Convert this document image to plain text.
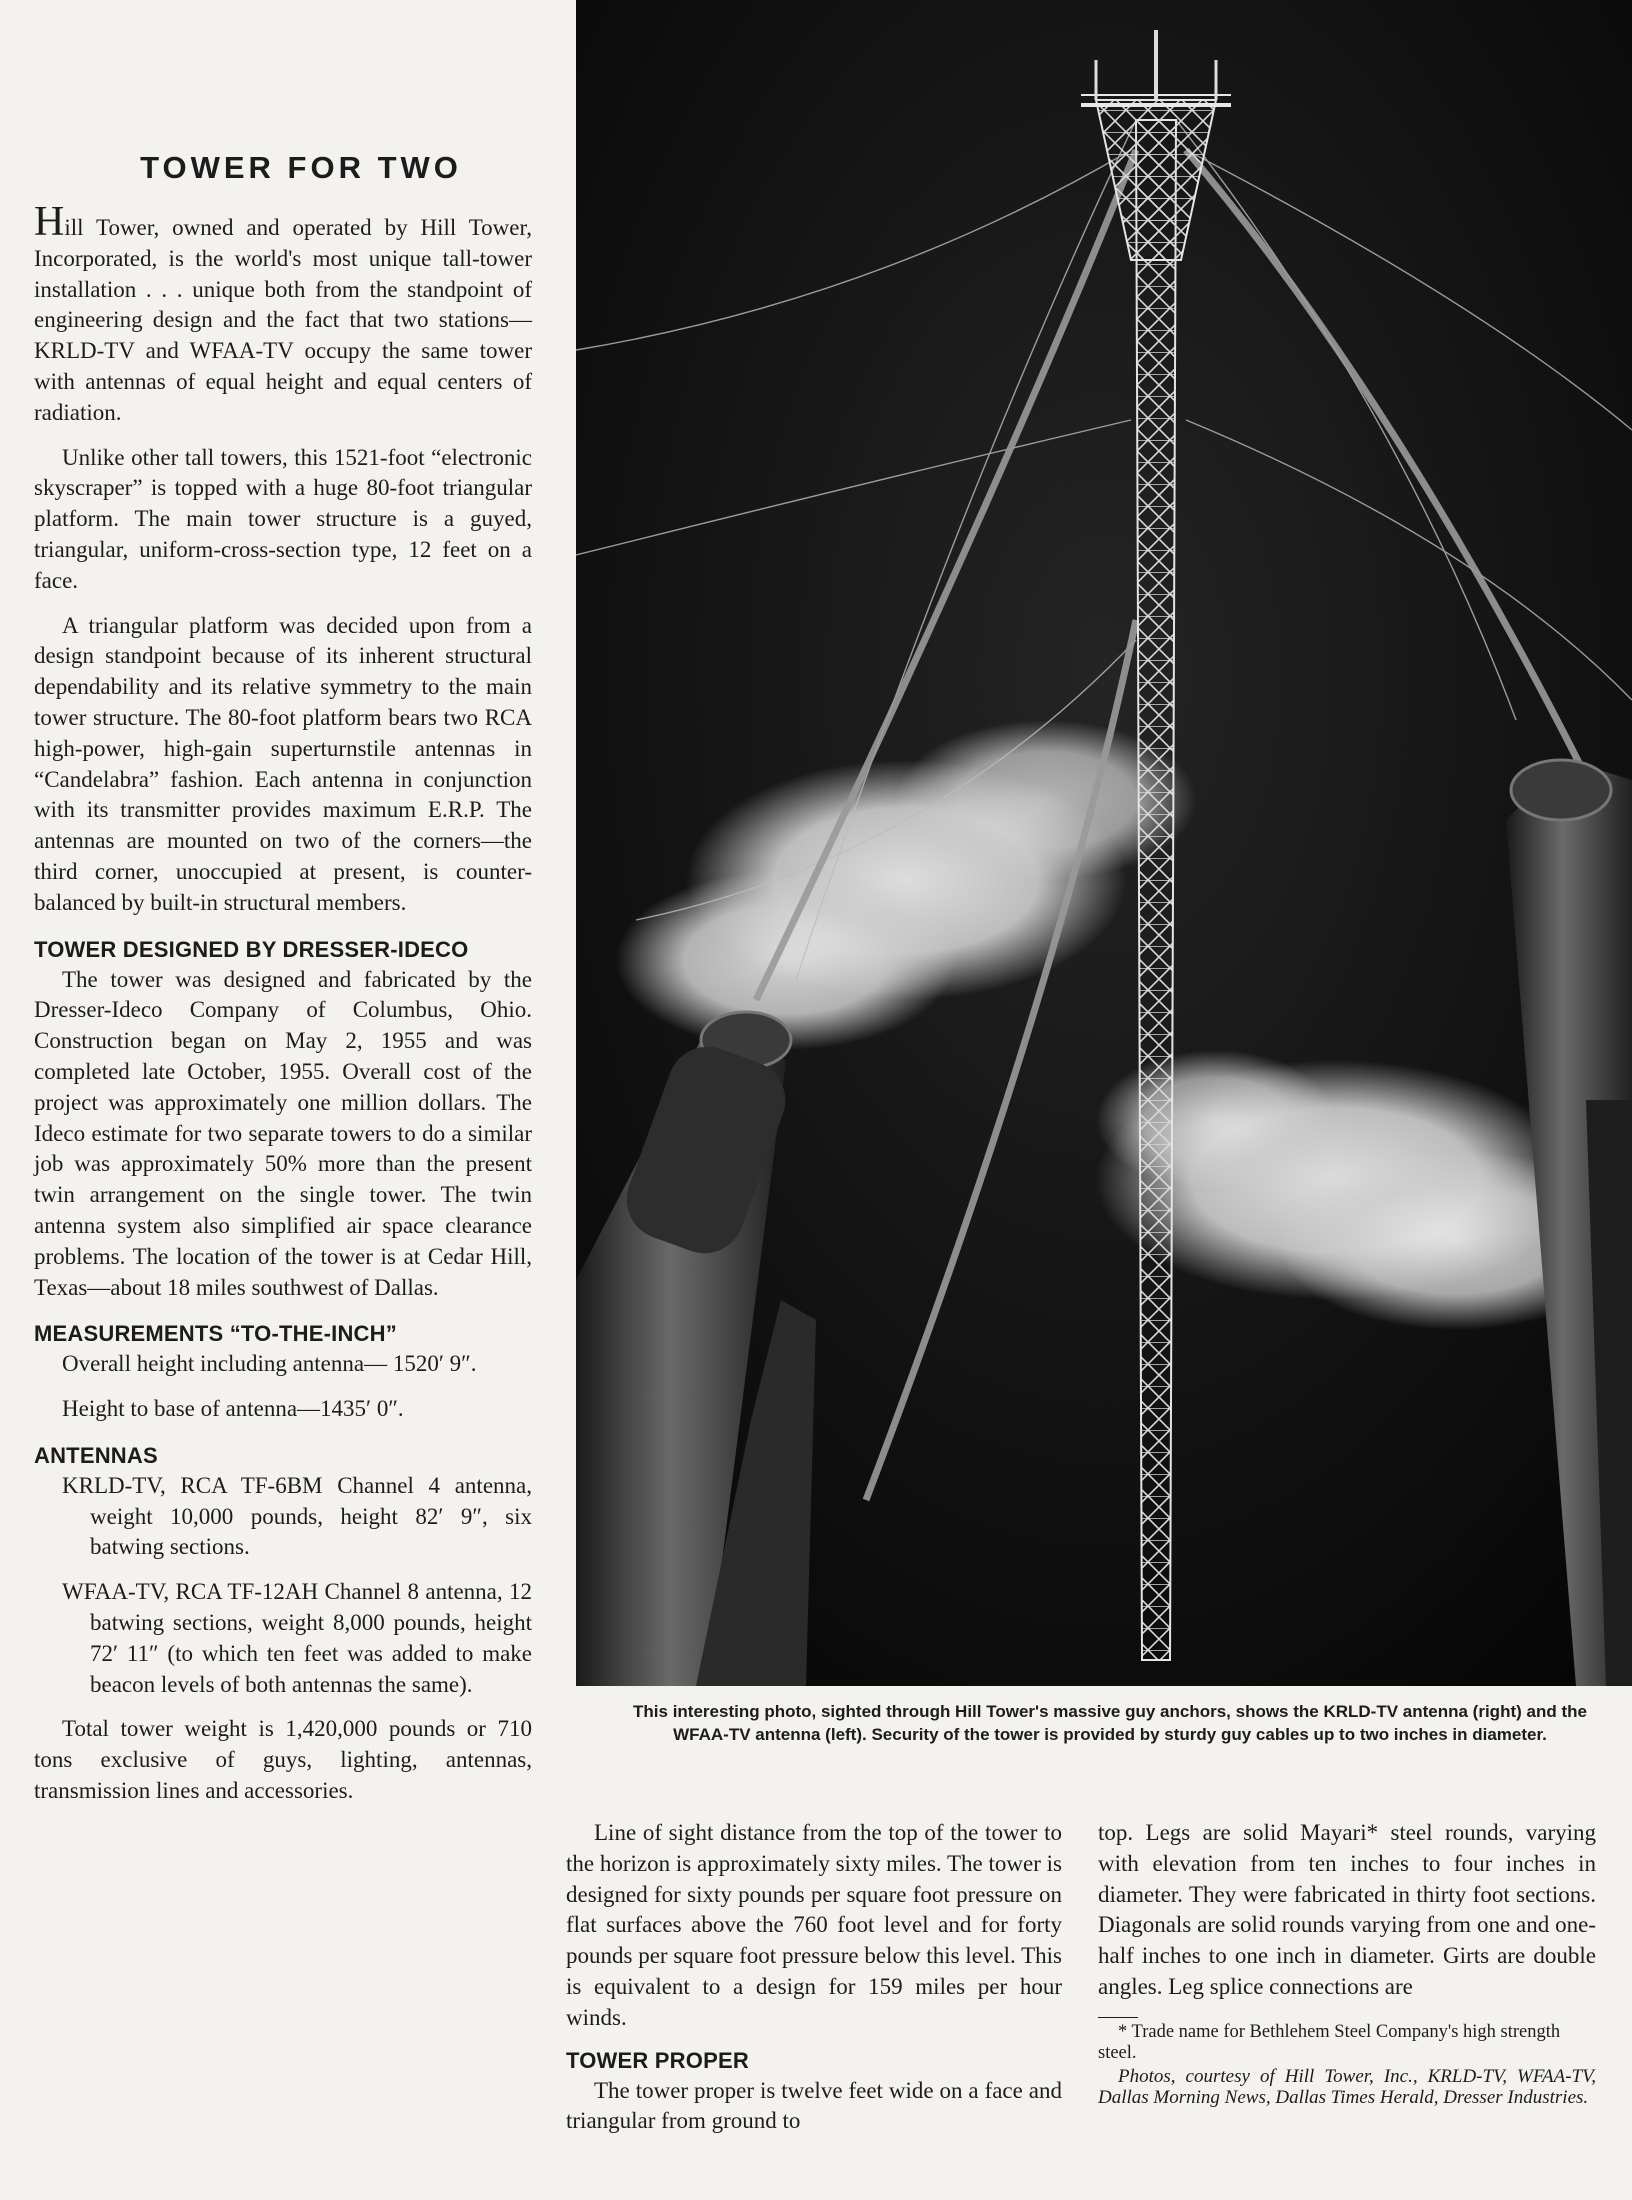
TOWER FOR TWO

Hill Tower, owned and operated by Hill Tower, Incorporated, is the world's most unique tall-tower installation . . . unique both from the standpoint of engineering design and the fact that two stations—KRLD-TV and WFAA-TV occupy the same tower with antennas of equal height and equal centers of radiation.

Unlike other tall towers, this 1521-foot “electronic skyscraper” is topped with a huge 80-foot triangular platform. The main tower structure is a guyed, triangular, uniform-cross-section type, 12 feet on a face.

A triangular platform was decided upon from a design standpoint because of its inherent structural dependability and its relative symmetry to the main tower structure. The 80-foot platform bears two RCA high-power, high-gain superturnstile antennas in “Candelabra” fashion. Each antenna in conjunction with its transmitter provides maximum E.R.P. The antennas are mounted on two of the corners—the third corner, unoccupied at present, is counter-balanced by built-in structural members.

TOWER DESIGNED BY DRESSER-IDECO

The tower was designed and fabricated by the Dresser-Ideco Company of Columbus, Ohio. Construction began on May 2, 1955 and was completed late October, 1955. Overall cost of the project was approximately one million dollars. The Ideco estimate for two separate towers to do a similar job was approximately 50% more than the present twin arrangement on the single tower. The twin antenna system also simplified air space clearance problems. The location of the tower is at Cedar Hill, Texas—about 18 miles southwest of Dallas.

MEASUREMENTS “TO-THE-INCH”

Overall height including antenna— 1520′ 9″.

Height to base of antenna—1435′ 0″.

ANTENNAS

KRLD-TV, RCA TF-6BM Channel 4 antenna, weight 10,000 pounds, height 82′ 9″, six batwing sections.

WFAA-TV, RCA TF-12AH Channel 8 antenna, 12 batwing sections, weight 8,000 pounds, height 72′ 11″ (to which ten feet was added to make beacon levels of both antennas the same).

Total tower weight is 1,420,000 pounds or 710 tons exclusive of guys, lighting, antennas, transmission lines and accessories.

This interesting photo, sighted through Hill Tower's massive guy anchors, shows the KRLD-TV antenna (right) and the WFAA-TV antenna (left). Security of the tower is provided by sturdy guy cables up to two inches in diameter.

Line of sight distance from the top of the tower to the horizon is approximately sixty miles. The tower is designed for sixty pounds per square foot pressure on flat surfaces above the 760 foot level and for forty pounds per square foot pressure below this level. This is equivalent to a design for 159 miles per hour winds.

TOWER PROPER

The tower proper is twelve feet wide on a face and triangular from ground to

top. Legs are solid Mayari* steel rounds, varying with elevation from ten inches to four inches in diameter. They were fabricated in thirty foot sections. Diagonals are solid rounds varying from one and one-half inches to one inch in diameter. Girts are double angles. Leg splice connections are

* Trade name for Bethlehem Steel Company's high strength steel.

Photos, courtesy of Hill Tower, Inc., KRLD-TV, WFAA-TV, Dallas Morning News, Dallas Times Herald, Dresser Industries.
